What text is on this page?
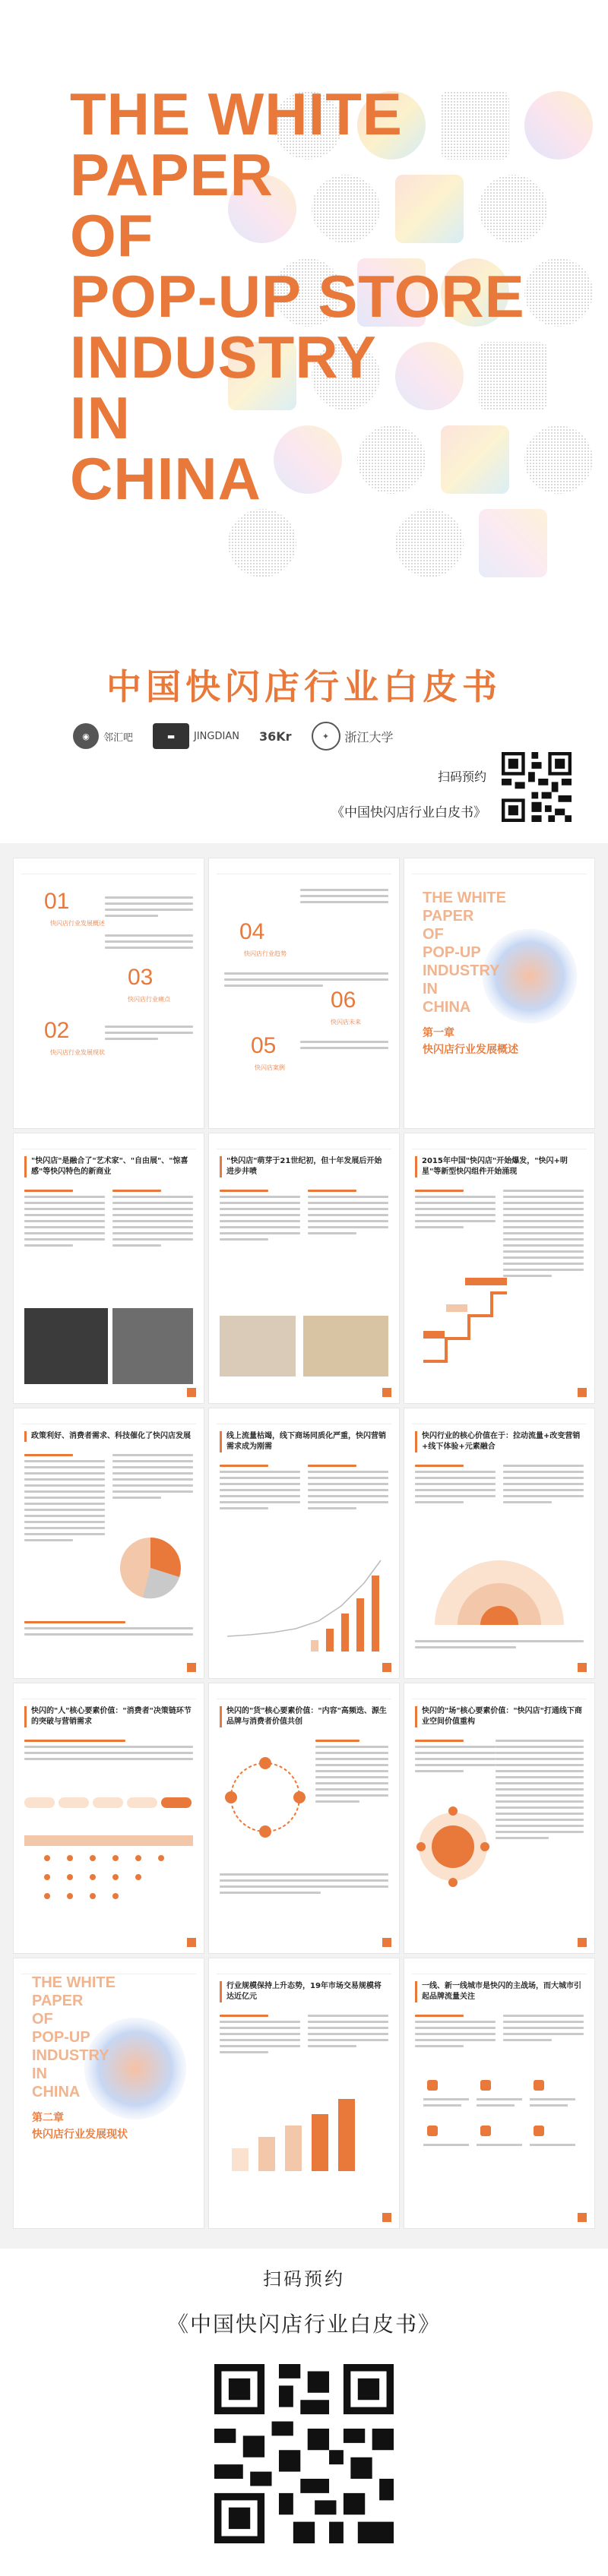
THE WHITE
PAPER
OF
POP-UP STORE
INDUSTRY
IN
CHINA
中国快闪店行业白皮书
◉	邻汇吧	▬	JINGDIAN 36Kr	✦	浙江大学
扫码预约
《中国快闪店行业白皮书》
01
快闪店行业发展概述
03
快闪店行业痛点
02
快闪店行业发展现状
04
快闪店行业趋势
06
快闪店未来
05
快闪店案例
THE WHITE
PAPER
OF
POP-UP
INDUSTRY
IN
CHINA
第一章
快闪店行业发展概述
"快闪店"是融合了"艺术家"、"自由展"、"惊喜感"等快闪特色的新商业
"快闪店"萌芽于21世纪初，但十年发展后开始进步井喷
2015年中国"快闪店"开始爆发，"快闪+明星"等新型快闪组件开始涌现
政策利好、消费者需求、科技催化了快闪店发展	线上流量枯竭，线下商场同质化严重，快闪营销需求成为刚需
快闪行业的核心价值在于：拉动流量+改变营销+线下体验+元素融合
快闪的"人"核心要素价值："消费者"决策链环节的突破与营销需求
快闪的"货"核心要素价值："内容"高频迭、源生品牌与消费者价值共创
快闪的"场"核心要素价值："快闪店"打通线下商业空间价值重构
THE WHITE
PAPER
OF
POP-UP
INDUSTRY
IN
CHINA
第二章
快闪店行业发展现状
行业规模保持上升态势，19年市场交易规模将达近亿元
一线、新一线城市是快闪的主战场，而大城市引起品牌流量关注
扫码预约
《中国快闪店行业白皮书》
